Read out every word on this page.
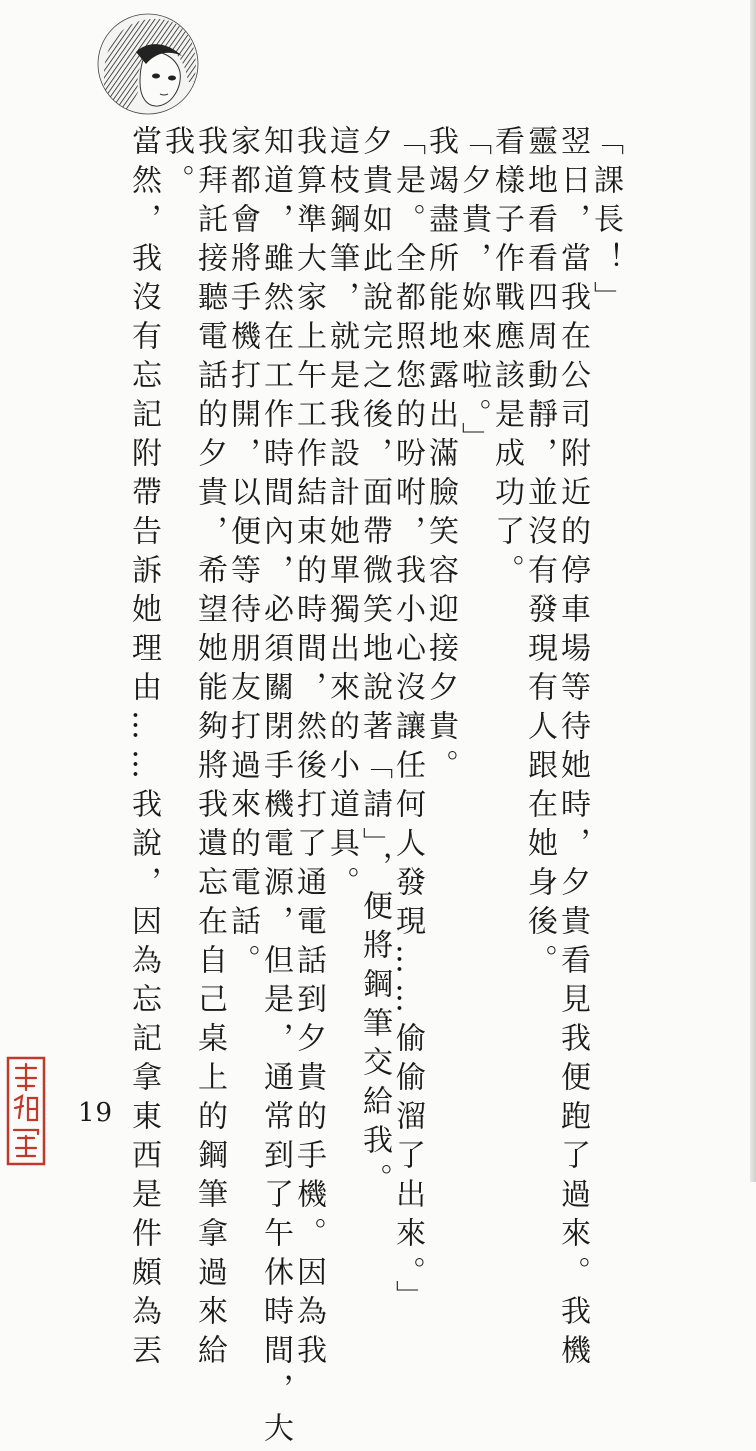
「課長！」
翌日，當我在公司附近的停車場等待她時，夕貴看見我便跑了過來。我機
靈地看看四周動靜，並沒有發現有人跟在她身後。
看樣子作戰應該是成功了。
「夕貴，妳來啦。」
我竭盡所能地露出滿臉笑容迎接夕貴。
「是。全都照您的吩咐，我小心沒讓任何人發現……偷偷溜了出來。」
夕貴如此說完之後，面帶微笑地說著「請」，便將鋼筆交給我。
這枝鋼筆，就是我設計她單獨出來的小道具。
我算準大家上午工作結束的時間，然後打了通電話到夕貴的手機。因為我
知道，雖然在工作時間內，必須關閉手機電源，但是，通常到了午休時間，大
家都會將手機打開，以便等待朋友打過來的電話。
我拜託接聽電話的夕貴，希望她能夠將我遺忘在自己桌上的鋼筆拿過來給
我。
當然，我沒有忘記附帶告訴她理由……我說，因為忘記拿東西是件頗為丟
19
